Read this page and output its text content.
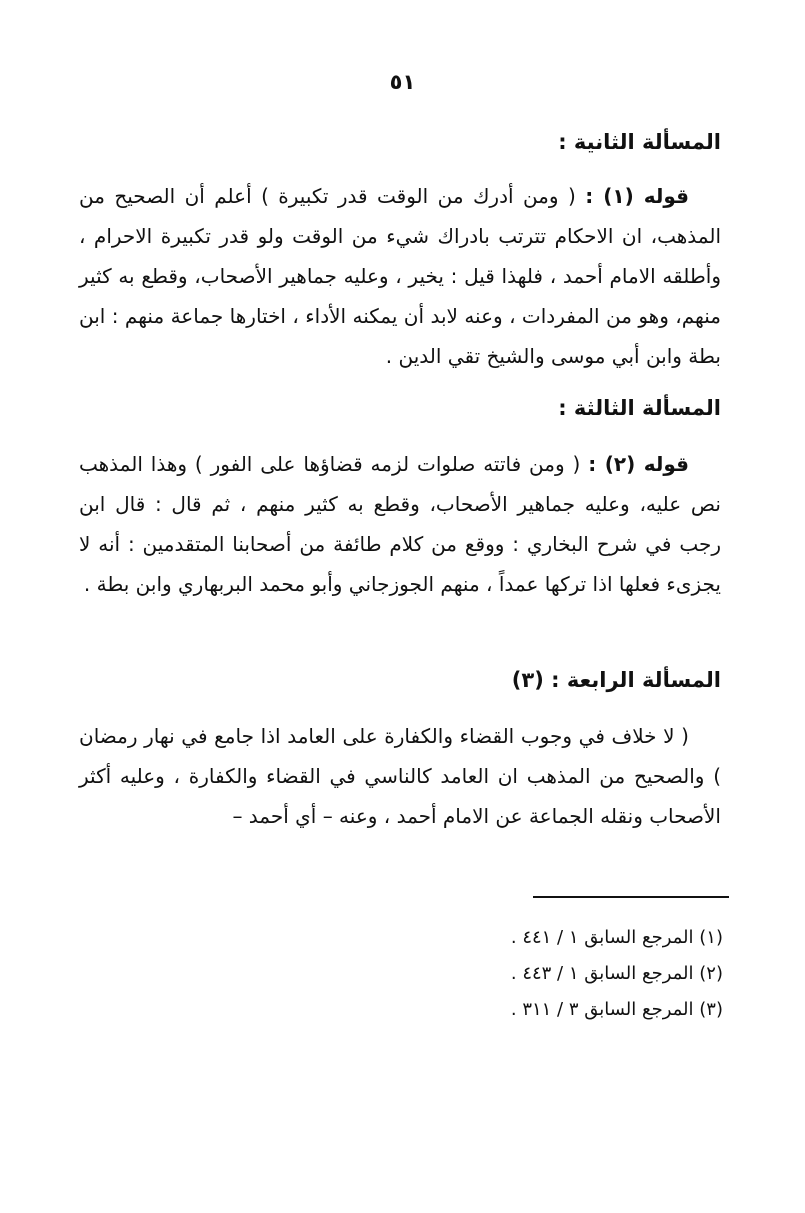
٥١
المسألة الثانية :

قوله (١) : ( ومن أدرك من الوقت قدر تكبيرة ) أعلم أن الصحيح من المذهب، ان الاحكام تترتب بادراك شيء من الوقت ولو قدر تكبيرة الاحرام ، وأطلقه الامام أحمد ، فلهذا قيل : يخير ، وعليه جماهير الأصحاب، وقطع به كثير منهم، وهو من المفردات ، وعنه لابد أن يمكنه الأداء ، اختارها جماعة منهم : ابن بطة وابن أبي موسى والشيخ تقي الدين .

المسألة الثالثة :

قوله (٢) : ( ومن فاتته صلوات لزمه قضاؤها على الفور ) وهذا المذهب نص عليه، وعليه جماهير الأصحاب، وقطع به كثير منهم ، ثم قال : قال ابن رجب في شرح البخاري : ووقع من كلام طائفة من أصحابنا المتقدمين : أنه لا يجزىء فعلها اذا تركها عمداً ، منهم الجوزجاني وأبو محمد البربهاري وابن بطة .

المسألة الرابعة : (٣)

( لا خلاف في وجوب القضاء والكفارة على العامد اذا جامع في نهار رمضان ) والصحيح من المذهب ان العامد كالناسي في القضاء والكفارة ، وعليه أكثر الأصحاب ونقله الجماعة عن الامام أحمد ، وعنه – أي أحمد –

(١) المرجع السابق ١ / ٤٤١ .
(٢) المرجع السابق ١ / ٤٤٣ .
(٣) المرجع السابق ٣ / ٣١١ .
